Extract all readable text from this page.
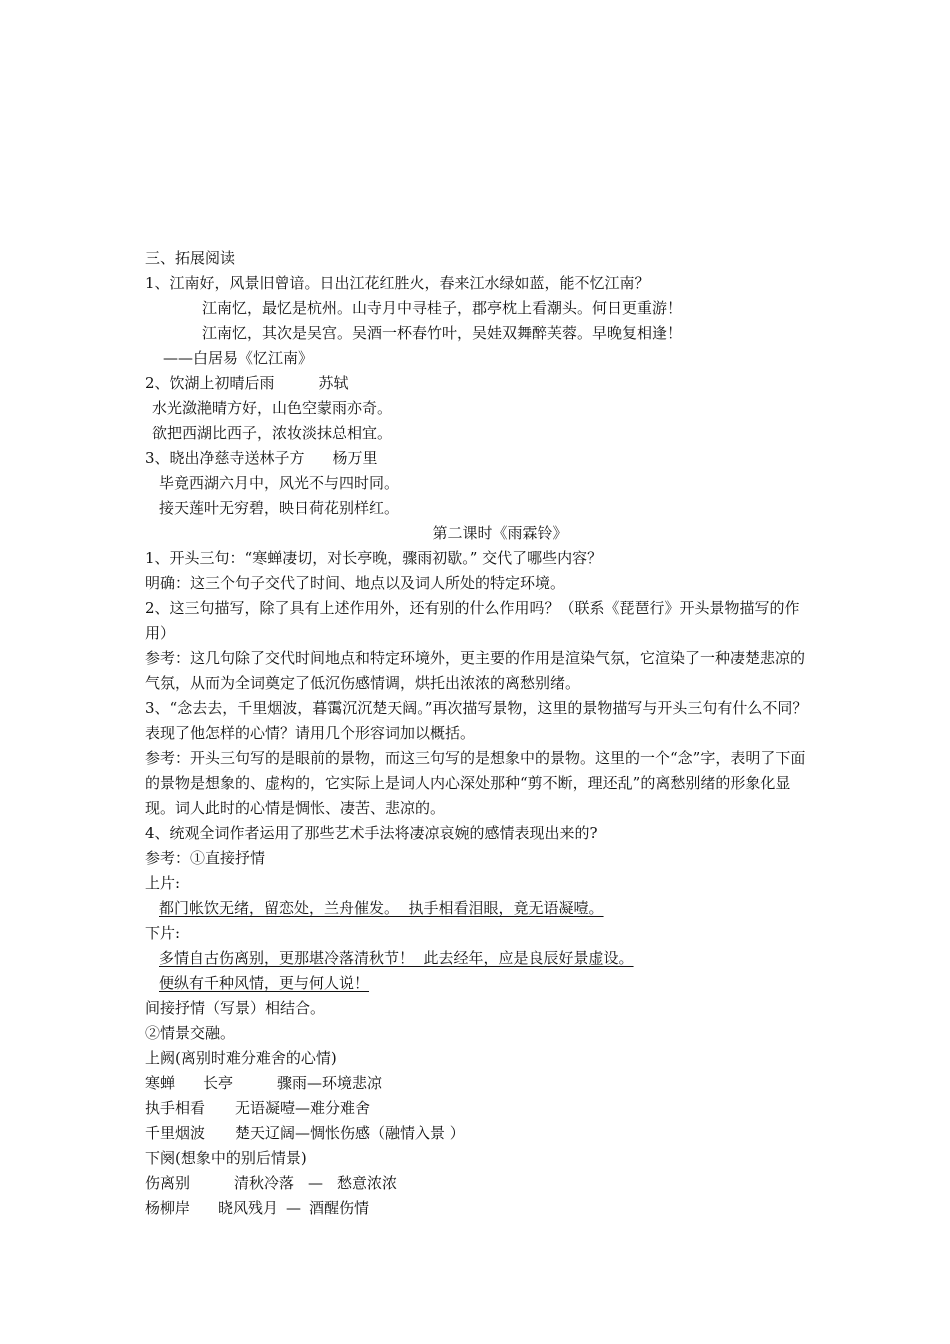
三、拓展阅读
1、江南好，风景旧曾谙。日出江花红胜火，春来江水绿如蓝，能不忆江南？
江南忆，最忆是杭州。山寺月中寻桂子，郡亭枕上看潮头。何日更重游！
江南忆，其次是吴宫。吴酒一杯春竹叶，吴娃双舞醉芙蓉。早晚复相逢！
——白居易《忆江南》
2、饮湖上初晴后雨	苏轼
水光潋滟晴方好，山色空蒙雨亦奇。
欲把西湖比西子，浓妆淡抹总相宜。
3、晓出净慈寺送林子方 杨万里
毕竟西湖六月中，风光不与四时同。
接天莲叶无穷碧，映日荷花别样红。
第二课时《雨霖铃》
1、开头三句：“寒蝉凄切，对长亭晚，骤雨初歇。” 交代了哪些内容？
明确：这三个句子交代了时间、地点以及词人所处的特定环境。
2、这三句描写，除了具有上述作用外，还有别的什么作用吗？（联系《琵琶行》开头景物描写的作用）
参考：这几句除了交代时间地点和特定环境外，更主要的作用是渲染气氛，它渲染了一种凄楚悲凉的气氛，从而为全词奠定了低沉伤感情调，烘托出浓浓的离愁别绪。
3、“念去去，千里烟波，暮霭沉沉楚天阔。”再次描写景物，这里的景物描写与开头三句有什么不同？表现了他怎样的心情？请用几个形容词加以概括。
参考：开头三句写的是眼前的景物，而这三句写的是想象中的景物。这里的一个“念”字，表明了下面的景物是想象的、虚构的，它实际上是词人内心深处那种“剪不断，理还乱”的离愁别绪的形象化显现。词人此时的心情是惆怅、凄苦、悲凉的。
4、统观全词作者运用了那些艺术手法将凄凉哀婉的感情表现出来的?
参考：①直接抒情
上片:
都门帐饮无绪，留恋处，兰舟催发。  执手相看泪眼，竟无语凝噎。
下片:
多情自古伤离别，更那堪冷落清秋节！  此去经年，应是良辰好景虚设。
便纵有千种风情，更与何人说！
间接抒情（写景）相结合。
②情景交融。
上阙(离别时难分难舍的心情)
寒蝉 长亭	骤雨—环境悲凉
执手相看 无语凝噎—难分难舍
千里烟波 楚天辽阔—惆怅伤感（融情入景 ）
下阕(想象中的别后情景)
伤离别	清秋冷落 — 愁意浓浓
杨柳岸 晓风残月 — 酒醒伤情
